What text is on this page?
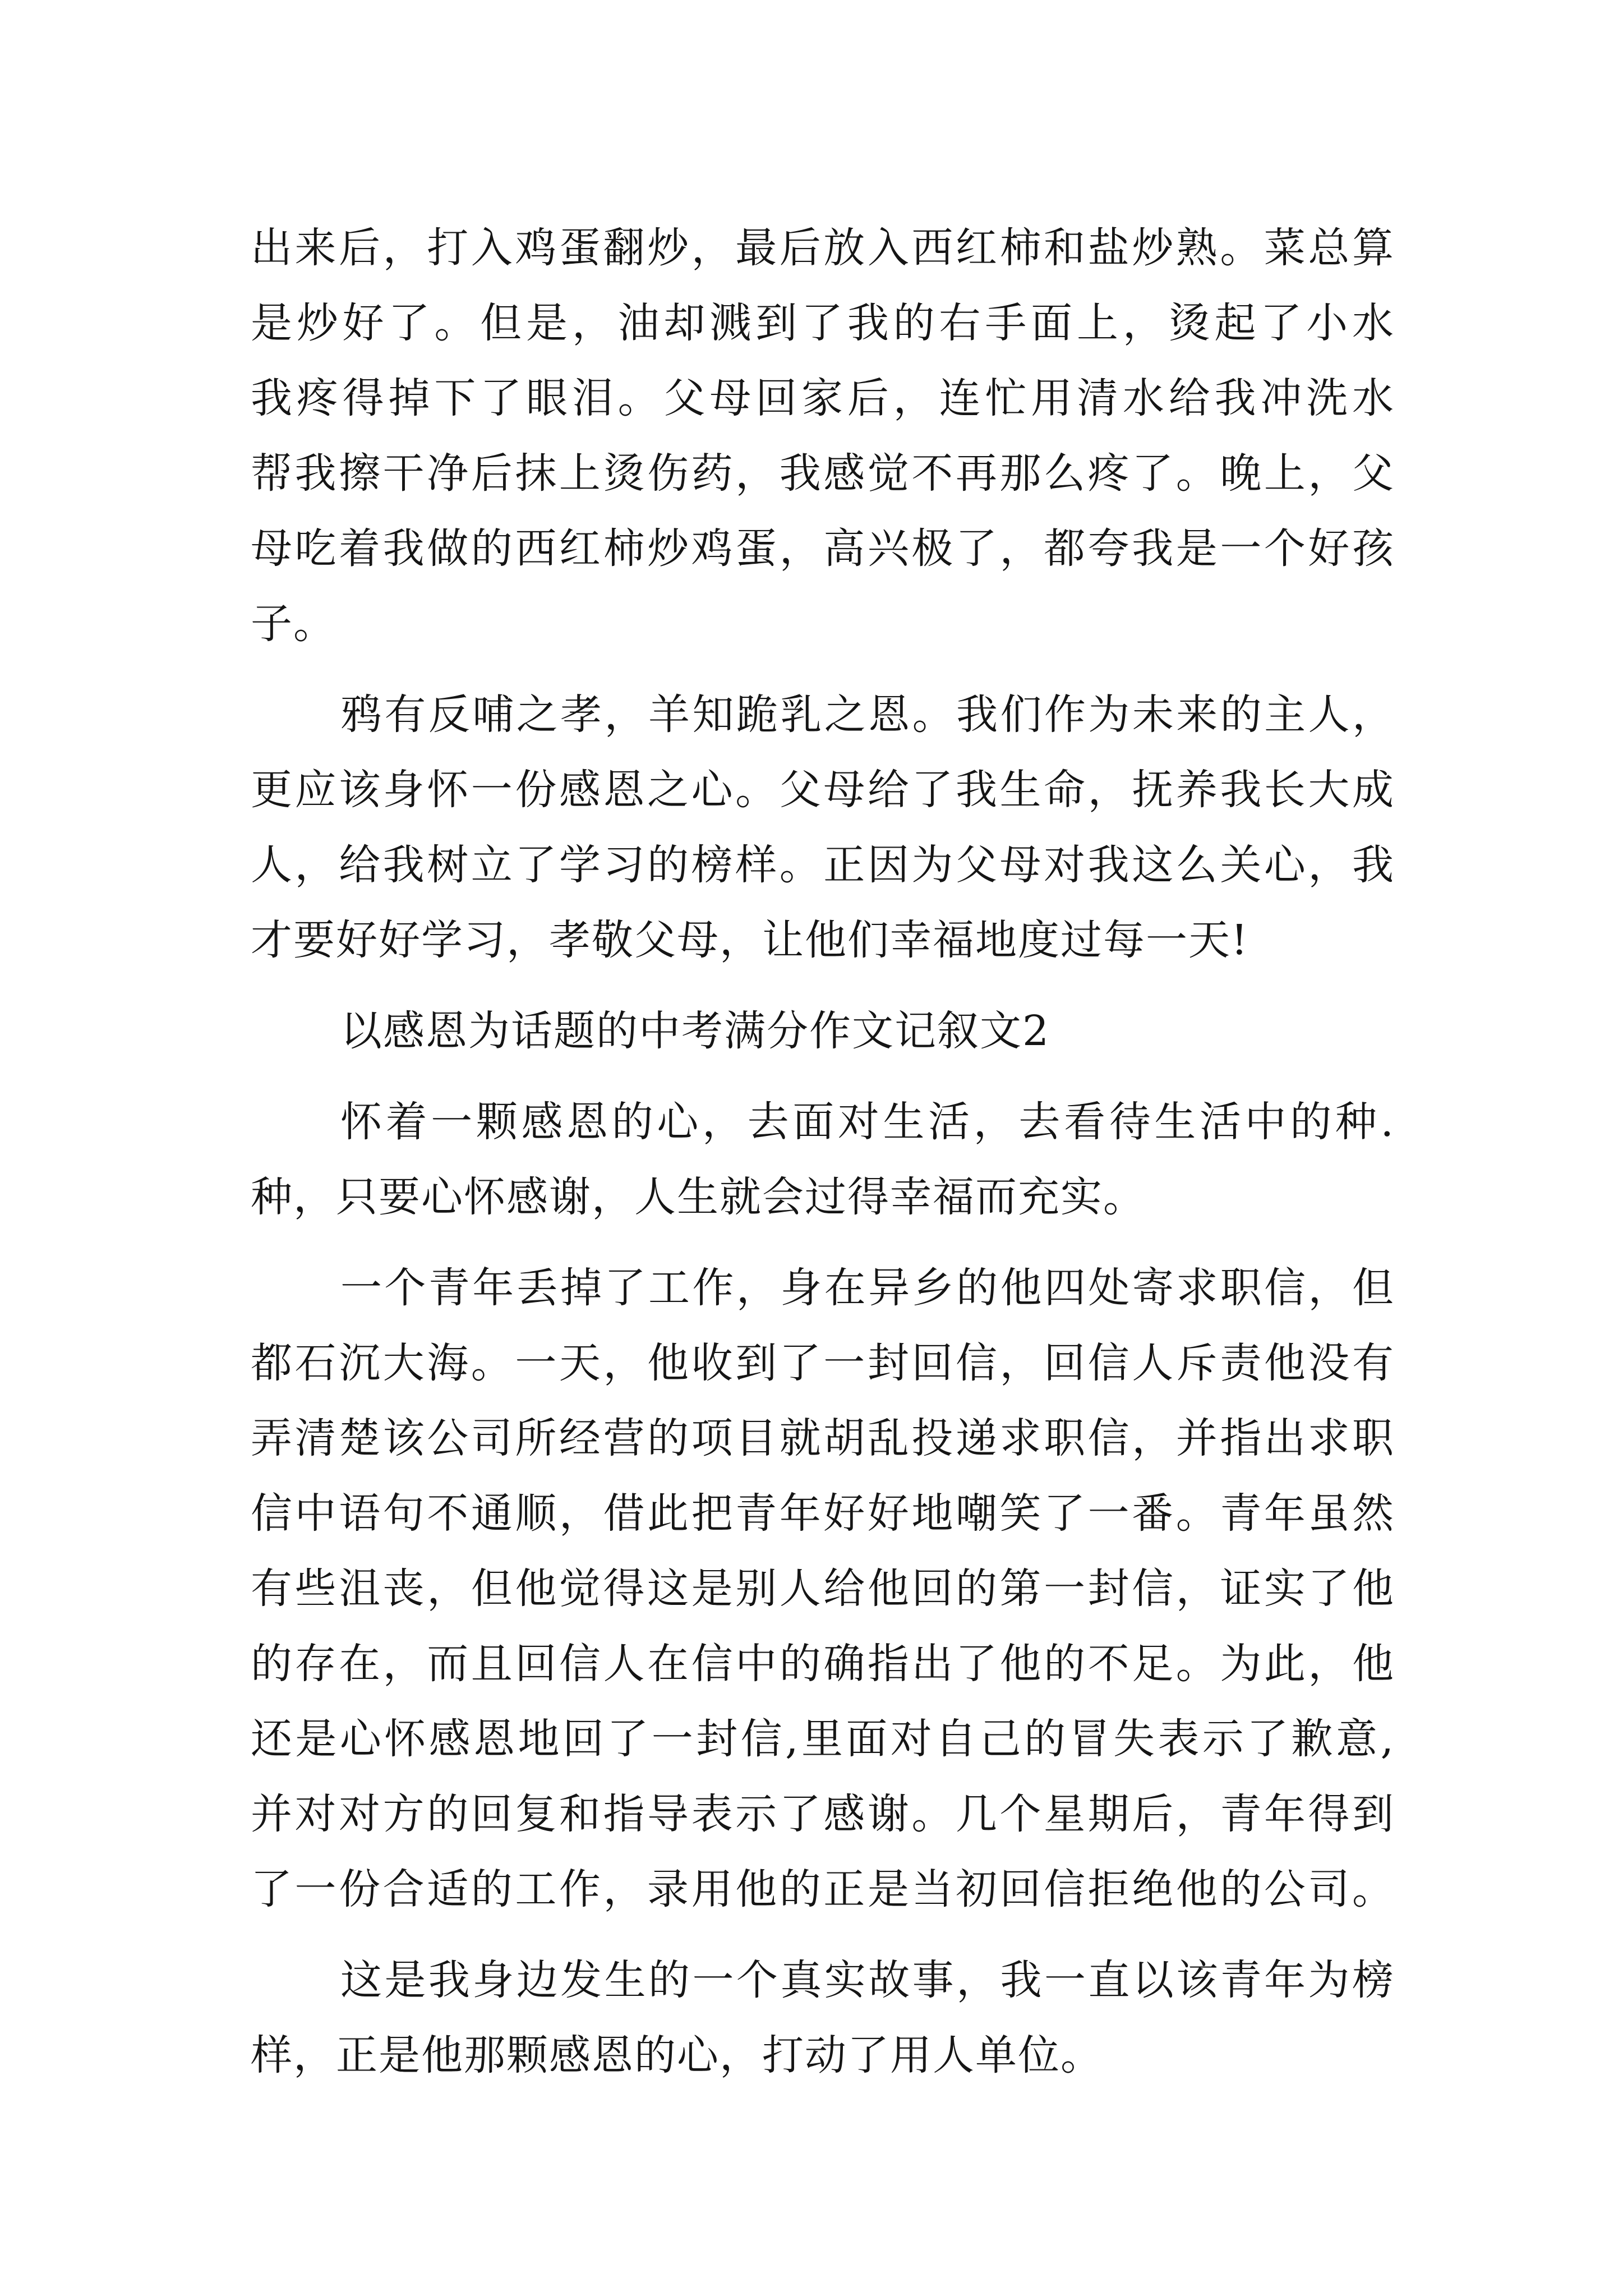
出来后，打入鸡蛋翻炒，最后放入西红柿和盐炒熟。菜总算
是炒好了。但是，油却溅到了我的右手面上，烫起了小水
我疼得掉下了眼泪。父母回家后，连忙用清水给我冲洗水
帮我擦干净后抹上烫伤药，我感觉不再那么疼了。晚上，父
母吃着我做的西红柿炒鸡蛋，高兴极了，都夸我是一个好孩
子。
鸦有反哺之孝，羊知跪乳之恩。我们作为未来的主人，
更应该身怀一份感恩之心。父母给了我生命，抚养我长大成
人，给我树立了学习的榜样。正因为父母对我这么关心，我
才要好好学习，孝敬父母，让他们幸福地度过每一天!
以感恩为话题的中考满分作文记叙文2
怀着一颗感恩的心，去面对生活，去看待生活中的种.
种，只要心怀感谢，人生就会过得幸福而充实。
一个青年丢掉了工作，身在异乡的他四处寄求职信，但
都石沉大海。一天，他收到了一封回信，回信人斥责他没有
弄清楚该公司所经营的项目就胡乱投递求职信，并指出求职
信中语句不通顺，借此把青年好好地嘲笑了一番。青年虽然
有些沮丧，但他觉得这是别人给他回的第一封信，证实了他
的存在，而且回信人在信中的确指出了他的不足。为此，他
还是心怀感恩地回了一封信,里面对自己的冒失表示了歉意,
并对对方的回复和指导表示了感谢。几个星期后，青年得到
了一份合适的工作，录用他的正是当初回信拒绝他的公司。
这是我身边发生的一个真实故事，我一直以该青年为榜
样，正是他那颗感恩的心，打动了用人单位。
